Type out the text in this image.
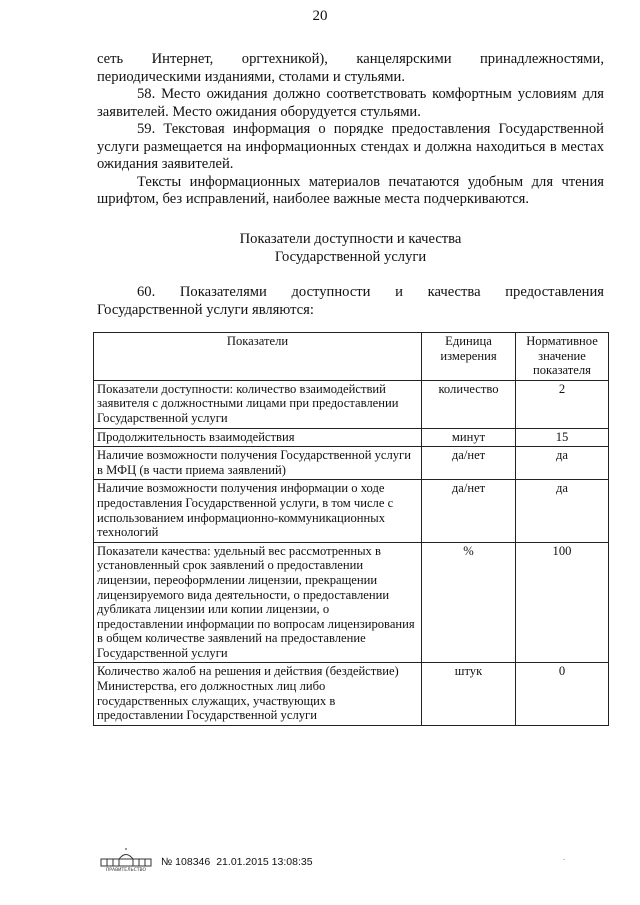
20

сеть Интернет, оргтехникой), канцелярскими принадлежностями, периодическими изданиями, столами и стульями.

58. Место ожидания должно соответствовать комфортным условиям для заявителей. Место ожидания оборудуется стульями.

59. Текстовая информация о порядке предоставления Государственной услуги размещается на информационных стендах и должна находиться в местах ожидания заявителей.

Тексты информационных материалов печатаются удобным для чтения шрифтом, без исправлений, наиболее важные места подчеркиваются.

Показатели доступности и качества
Государственной услуги

60. Показателями доступности и качества предоставления Государственной услуги являются:

Показатели	Единица измерения	Нормативное значение показателя
Показатели доступности: количество взаимодействий заявителя с должностными лицами при предоставлении Государственной услуги	количество	2
Продолжительность взаимодействия	минут	15
Наличие возможности получения Государственной услуги в МФЦ (в части приема заявлений)	да/нет	да
Наличие возможности получения информации о ходе предоставления Государственной услуги, в том числе с использованием информационно-коммуникационных технологий	да/нет	да
Показатели качества: удельный вес рассмотренных в установленный срок заявлений о предоставлении лицензии, переоформлении лицензии, прекращении лицензируемого вида деятельности, о предоставлении дубликата лицензии или копии лицензии, о предоставлении информации по вопросам лицензирования в общем количестве заявлений на предоставление Государственной услуги	%	100
Количество жалоб на решения и действия (бездействие) Министерства, его должностных лиц либо государственных служащих, участвующих в предоставлении Государственной услуги	штук	0
ПРАВИТЕЛЬСТВО
№ 108346 21.01.2015 13:08:35	.
